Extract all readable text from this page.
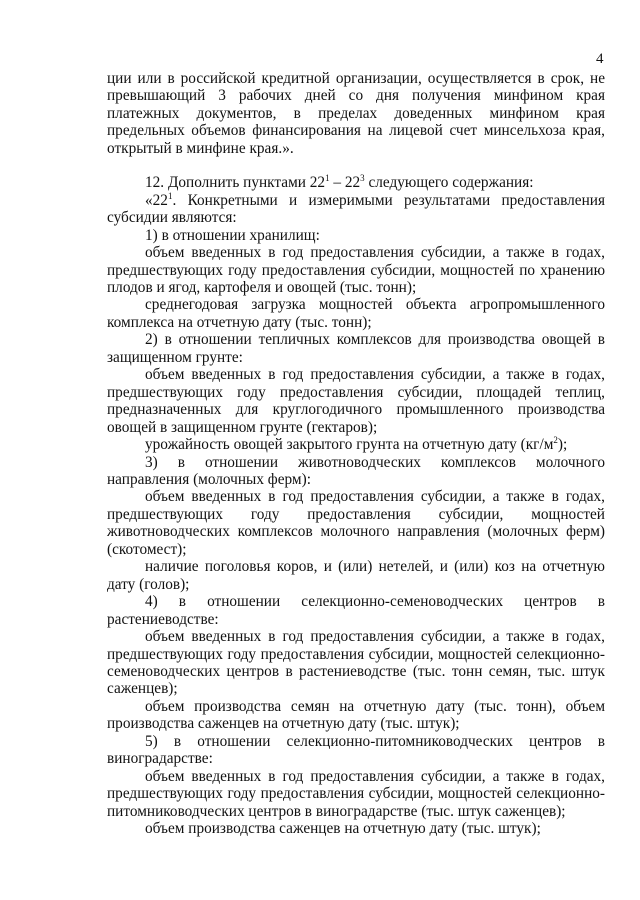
4

ции или в российской кредитной организации, осуществляется в срок, не превышающий 3 рабочих дней со дня получения минфином края платежных документов, в пределах доведенных минфином края предельных объемов финансирования на лицевой счет минсельхоза края, открытый в минфине края.».

12. Дополнить пунктами $22^1 - 22^3$ следующего содержания:

«$22^1$. Конкретными и измеримыми результатами предоставления субсидии являются:

1) в отношении хранилищ:

объем введенных в год предоставления субсидии, а также в годах, предшествующих году предоставления субсидии, мощностей по хранению плодов и ягод, картофеля и овощей (тыс. тонн);

среднегодовая загрузка мощностей объекта агропромышленного комплекса на отчетную дату (тыс. тонн);

2) в отношении тепличных комплексов для производства овощей в защищенном грунте:

объем введенных в год предоставления субсидии, а также в годах, предшествующих году предоставления субсидии, площадей теплиц, предназначенных для круглогодичного промышленного производства овощей в защищенном грунте (гектаров);

урожайность овощей закрытого грунта на отчетную дату $(кг/м^2)$;

3) в отношении животноводческих комплексов молочного направления (молочных ферм):

объем введенных в год предоставления субсидии, а также в годах, предшествующих году предоставления субсидии, мощностей животноводческих комплексов молочного направления (молочных ферм) (скотомест);

наличие поголовья коров, и (или) нетелей, и (или) коз на отчетную дату (голов);

4) в отношении селекционно-семеноводческих центров в растениеводстве:

объем введенных в год предоставления субсидии, а также в годах, предшествующих году предоставления субсидии, мощностей селекционно-семеноводческих центров в растениеводстве (тыс. тонн семян, тыс. штук саженцев);

объем производства семян на отчетную дату (тыс. тонн), объем производства саженцев на отчетную дату (тыс. штук);

5) в отношении селекционно-питомниководческих центров в виноградарстве:

объем введенных в год предоставления субсидии, а также в годах, предшествующих году предоставления субсидии, мощностей селекционно-питомниководческих центров в виноградарстве (тыс. штук саженцев);

объем производства саженцев на отчетную дату (тыс. штук);
